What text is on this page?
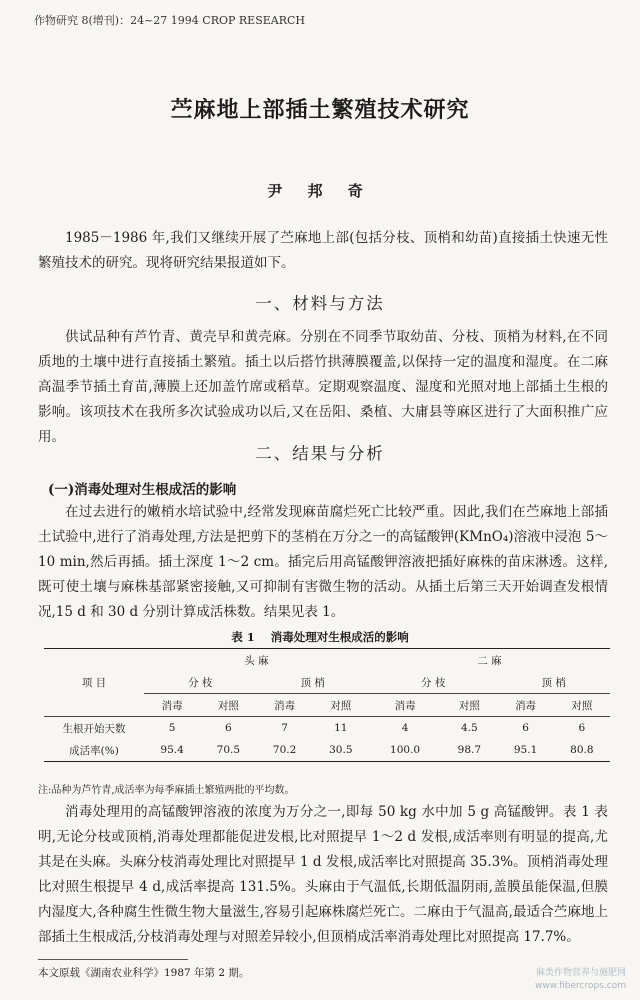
作物研究 8(增刊)：24~27 1994 CROP RESEARCH
苎麻地上部插土繁殖技术研究
尹 邦 奇

1985－1986 年,我们又继续开展了苎麻地上部(包括分枝、顶梢和幼苗)直接插土快速无性繁殖技术的研究。现将研究结果报道如下。

一、材料与方法

供试品种有芦竹青、黄壳早和黄壳麻。分别在不同季节取幼苗、分枝、顶梢为材料,在不同质地的土壤中进行直接插土繁殖。插土以后搭竹拱薄膜覆盖,以保持一定的温度和湿度。在二麻高温季节插土育苗,薄膜上还加盖竹席或稻草。定期观察温度、湿度和光照对地上部插土生根的影响。该项技术在我所多次试验成功以后,又在岳阳、桑植、大庸县等麻区进行了大面积推广应用。

二、结果与分析
(一)消毒处理对生根成活的影响

在过去进行的嫩梢水培试验中,经常发现麻苗腐烂死亡比较严重。因此,我们在苎麻地上部插土试验中,进行了消毒处理,方法是把剪下的茎梢在万分之一的高锰酸钾(KMnO₄)溶液中浸泡 5～10 min,然后再插。插土深度 1～2 cm。插完后用高锰酸钾溶液把插好麻株的苗床淋透。这样,既可使土壤与麻株基部紧密接触,又可抑制有害微生物的活动。从插土后第三天开始调查发根情况,15 d 和 30 d 分别计算成活株数。结果见表 1。

表 1 消毒处理对生根成活的影响
项 目	头 麻				二 麻			
	分 枝		顶 梢		分 枝		顶 梢	
	消毒	对照	消毒	对照	消毒	对照	消毒	对照
生根开始天数	5	6	7	11	4	4.5	6	6
成活率(%)	95.4	70.5	70.2	30.5	100.0	98.7	95.1	80.8
注:品种为芦竹青,成活率为每季麻插土繁殖两批的平均数。

消毒处理用的高锰酸钾溶液的浓度为万分之一,即每 50 kg 水中加 5 g 高锰酸钾。表 1 表明,无论分枝或顶梢,消毒处理都能促进发根,比对照提早 1～2 d 发根,成活率则有明显的提高,尤其是在头麻。头麻分枝消毒处理比对照提早 1 d 发根,成活率比对照提高 35.3%。顶梢消毒处理比对照生根提早 4 d,成活率提高 131.5%。头麻由于气温低,长期低温阴雨,盖膜虽能保温,但膜内湿度大,各种腐生性微生物大量滋生,容易引起麻株腐烂死亡。二麻由于气温高,最适合苎麻地上部插土生根成活,分枝消毒处理与对照差异较小,但顶梢成活率消毒处理比对照提高 17.7%。

本文原载《湖南农业科学》1987 年第 2 期。	麻类作物营养与施肥网
www.fibercrops.com
